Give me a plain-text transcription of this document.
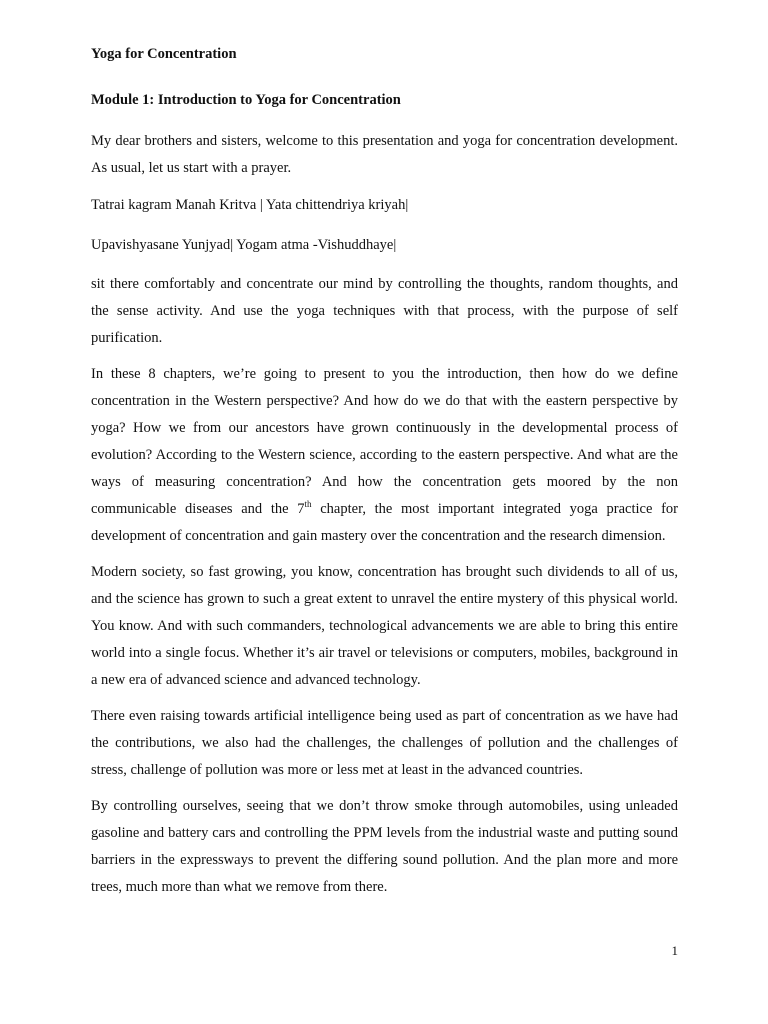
Yoga for Concentration

Module 1: Introduction to Yoga for Concentration

My dear brothers and sisters, welcome to this presentation and yoga for concentration development. As usual, let us start with a prayer.

Tatrai kagram Manah Kritva | Yata chittendriya kriyah|

Upavishyasane Yunjyad| Yogam atma -Vishuddhaye|

sit there comfortably and concentrate our mind by controlling the thoughts, random thoughts, and the sense activity. And use the yoga techniques with that process, with the purpose of self purification.

In these 8 chapters, we’re going to present to you the introduction, then how do we define concentration in the Western perspective? And how do we do that with the eastern perspective by yoga? How we from our ancestors have grown continuously in the developmental process of evolution? According to the Western science, according to the eastern perspective. And what are the ways of measuring concentration? And how the concentration gets moored by the non communicable diseases and the 7th chapter, the most important integrated yoga practice for development of concentration and gain mastery over the concentration and the research dimension.

Modern society, so fast growing, you know, concentration has brought such dividends to all of us, and the science has grown to such a great extent to unravel the entire mystery of this physical world. You know. And with such commanders, technological advancements we are able to bring this entire world into a single focus. Whether it’s air travel or televisions or computers, mobiles, background in a new era of advanced science and advanced technology.

There even raising towards artificial intelligence being used as part of concentration as we have had the contributions, we also had the challenges, the challenges of pollution and the challenges of stress, challenge of pollution was more or less met at least in the advanced countries.

By controlling ourselves, seeing that we don’t throw smoke through automobiles, using unleaded gasoline and battery cars and controlling the PPM levels from the industrial waste and putting sound barriers in the expressways to prevent the differing sound pollution. And the plan more and more trees, much more than what we remove from there.

1
